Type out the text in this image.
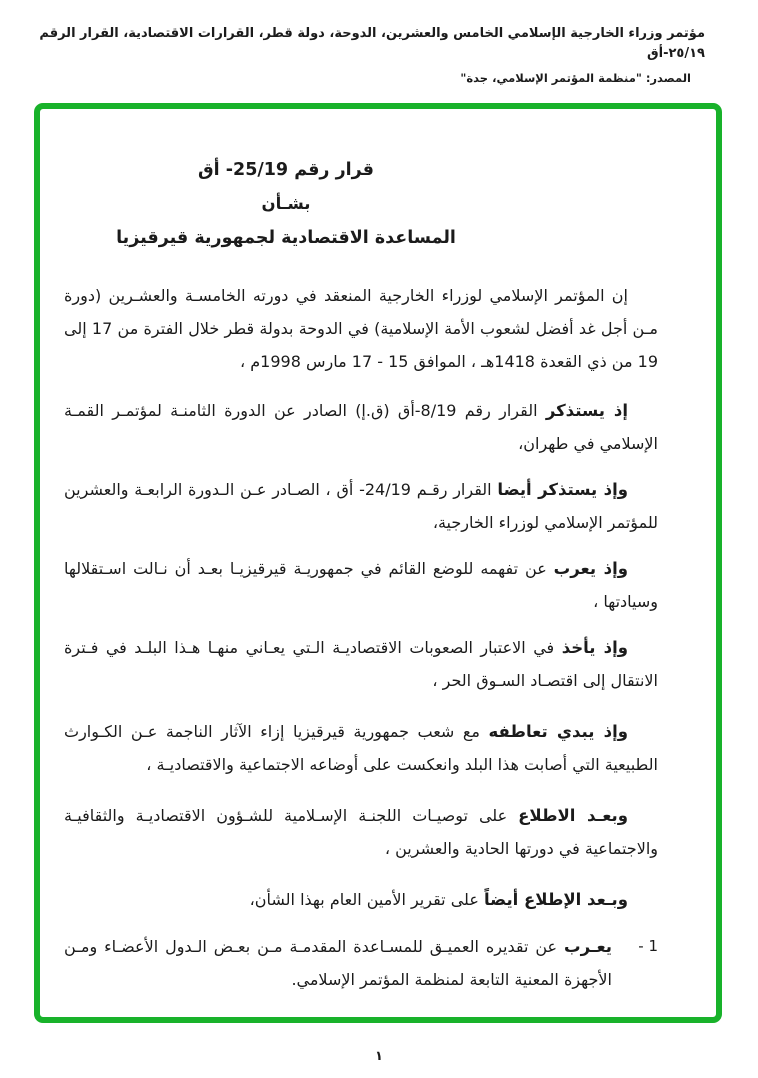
مؤتمر وزراء الخارجية الإسلامي الخامس والعشرين، الدوحة، دولة قطر، القرارات الاقتصادية، القرار الرقم ٢٥/١٩-أق
المصدر: "منظمة المؤتمر الإسلامي، جدة"
قرار رقم 25/19- أق
بشـأن
المساعدة الاقتصادية لجمهورية قيرقيزيا

إن المؤتمر الإسلامي لوزراء الخارجية المنعقد في دورته الخامسـة والعشـرين (دورة مـن أجل غد أفضل لشعوب الأمة الإسلامية) في الدوحة بدولة قطر خلال الفترة من 17 إلى 19 من ذي القعدة 1418هـ ، الموافق 15 - 17 مارس 1998م ،

إذ يستذكر القرار رقم 8/19-أق (ق.إ) الصادر عن الدورة الثامنـة لمؤتمـر القمـة الإسلامي في طهران،

وإذ يستذكر أيضا القرار رقـم 24/19- أق ، الصـادر عـن الـدورة الرابعـة والعشرين للمؤتمر الإسلامي لوزراء الخارجية،

وإذ يعرب عن تفهمه للوضع القائم في جمهوريـة قيرقيزيـا بعـد أن نـالت اسـتقلالها وسيادتها ،

وإذ يأخذ في الاعتبار الصعوبات الاقتصاديـة الـتي يعـاني منهـا هـذا البلـد في فـترة الانتقال إلى اقتصـاد السـوق الحر ،

وإذ يبدي تعاطفه مع شعب جمهورية قيرقيزيا إزاء الآثار الناجمة عـن الكـوارث الطبيعية التي أصابت هذا البلد وانعكست على أوضاعه الاجتماعية والاقتصاديـة ،

وبعـد الاطلاع على توصيـات اللجنـة الإسـلامية للشـؤون الاقتصاديـة والثقافيـة والاجتماعية في دورتها الحادية والعشرين ،

وبـعد الإطلاع أيضاً على تقرير الأمين العام بهذا الشأن،

1 -
يعـرب عن تقديره العميـق للمسـاعدة المقدمـة مـن بعـض الـدول الأعضـاء ومـن الأجهزة المعنية التابعة لمنظمة المؤتمر الإسلامي.
١
